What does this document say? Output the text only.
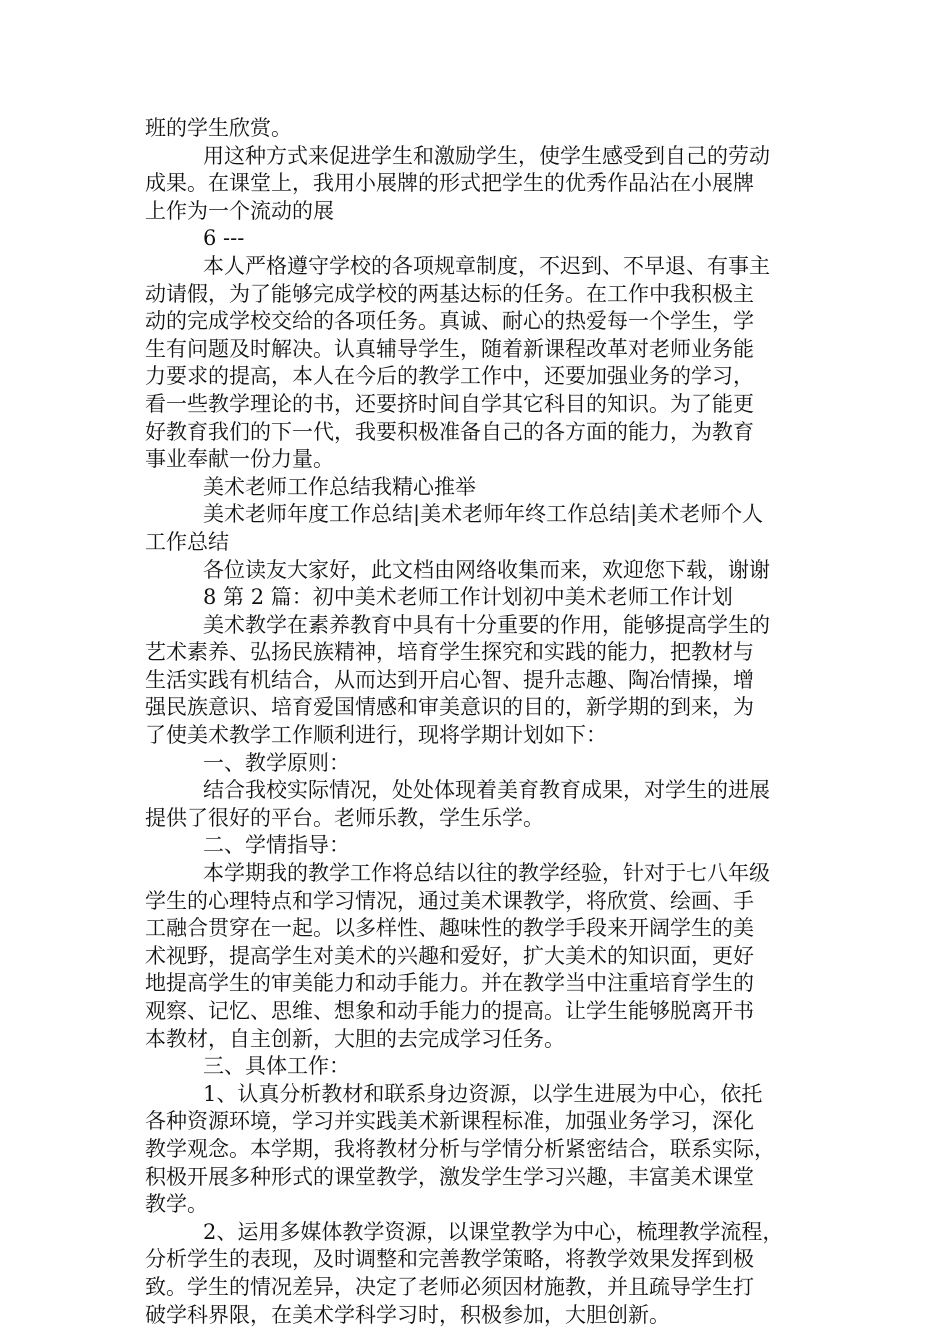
班的学生欣赏。
用这种方式来促进学生和激励学生，使学生感受到自己的劳动
成果。在课堂上，我用小展牌的形式把学生的优秀作品沾在小展牌
上作为一个流动的展
6 ---
本人严格遵守学校的各项规章制度，不迟到、不早退、有事主
动请假，为了能够完成学校的两基达标的任务。在工作中我积极主
动的完成学校交给的各项任务。真诚、耐心的热爱每一个学生，学
生有问题及时解决。认真辅导学生，随着新课程改革对老师业务能
力要求的提高，本人在今后的教学工作中，还要加强业务的学习，
看一些教学理论的书，还要挤时间自学其它科目的知识。为了能更
好教育我们的下一代，我要积极准备自己的各方面的能力，为教育
事业奉献一份力量。
美术老师工作总结我精心推举
美术老师年度工作总结|美术老师年终工作总结|美术老师个人
工作总结
各位读友大家好，此文档由网络收集而来，欢迎您下载，谢谢
8 第 2 篇：初中美术老师工作计划初中美术老师工作计划
美术教学在素养教育中具有十分重要的作用，能够提高学生的
艺术素养、弘扬民族精神，培育学生探究和实践的能力，把教材与
生活实践有机结合，从而达到开启心智、提升志趣、陶冶情操，增
强民族意识、培育爱国情感和审美意识的目的，新学期的到来，为
了使美术教学工作顺利进行，现将学期计划如下：
一、教学原则：
结合我校实际情况，处处体现着美育教育成果，对学生的进展
提供了很好的平台。老师乐教，学生乐学。
二、学情指导：
本学期我的教学工作将总结以往的教学经验，针对于七八年级
学生的心理特点和学习情况，通过美术课教学，将欣赏、绘画、手
工融合贯穿在一起。以多样性、趣味性的教学手段来开阔学生的美
术视野，提高学生对美术的兴趣和爱好，扩大美术的知识面，更好
地提高学生的审美能力和动手能力。并在教学当中注重培育学生的
观察、记忆、思维、想象和动手能力的提高。让学生能够脱离开书
本教材，自主创新，大胆的去完成学习任务。
三、具体工作：
1、认真分析教材和联系身边资源，以学生进展为中心，依托
各种资源环境，学习并实践美术新课程标准，加强业务学习，深化
教学观念。本学期，我将教材分析与学情分析紧密结合，联系实际，
积极开展多种形式的课堂教学，激发学生学习兴趣，丰富美术课堂
教学。
2、运用多媒体教学资源，以课堂教学为中心，梳理教学流程，
分析学生的表现，及时调整和完善教学策略，将教学效果发挥到极
致。学生的情况差异，决定了老师必须因材施教，并且疏导学生打
破学科界限，在美术学科学习时，积极参加，大胆创新。
